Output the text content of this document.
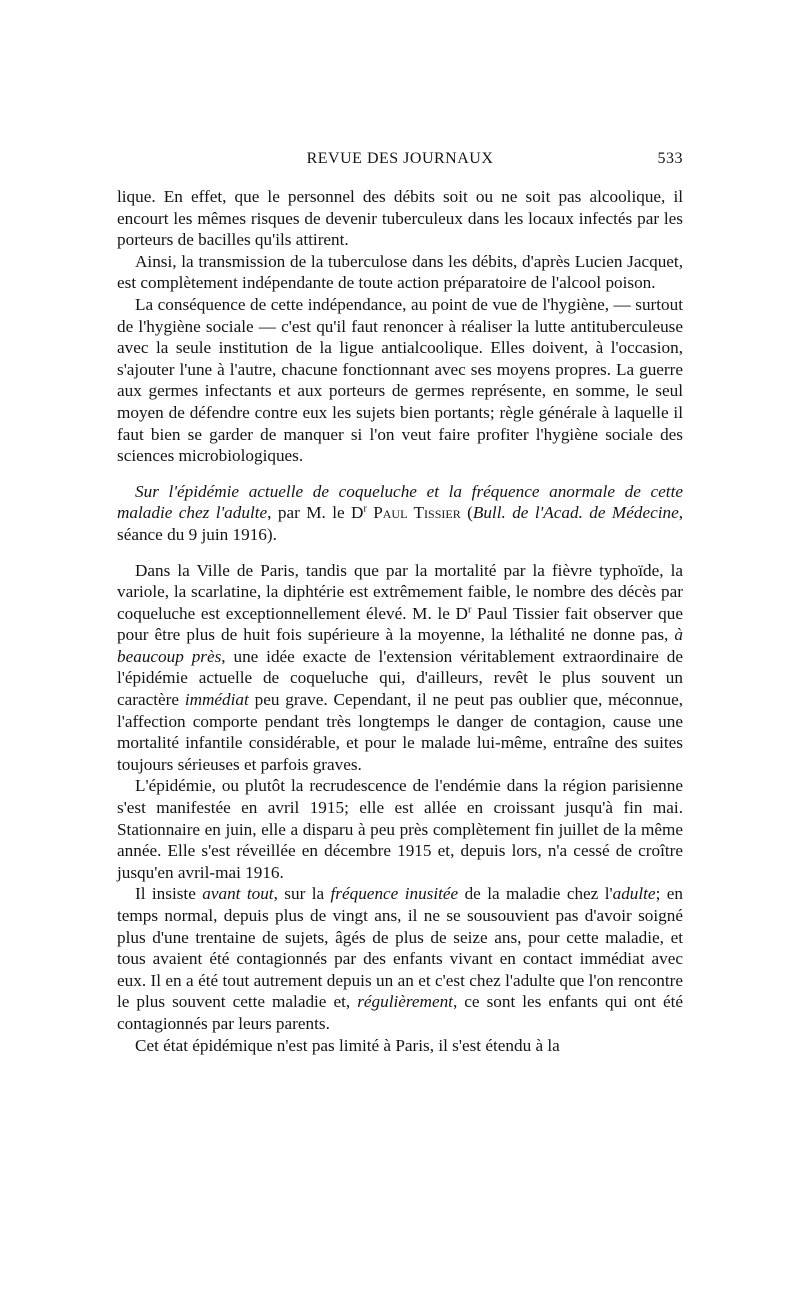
REVUE DES JOURNAUX	533

lique. En effet, que le personnel des débits soit ou ne soit pas alcoolique, il encourt les mêmes risques de devenir tuberculeux dans les locaux infectés par les porteurs de bacilles qu'ils attirent.

Ainsi, la transmission de la tuberculose dans les débits, d'après Lucien Jacquet, est complètement indépendante de toute action préparatoire de l'alcool poison.

La conséquence de cette indépendance, au point de vue de l'hygiène, — surtout de l'hygiène sociale — c'est qu'il faut renoncer à réaliser la lutte antituberculeuse avec la seule institution de la ligue antialcoolique. Elles doivent, à l'occasion, s'ajouter l'une à l'autre, chacune fonctionnant avec ses moyens propres. La guerre aux germes infectants et aux porteurs de germes représente, en somme, le seul moyen de défendre contre eux les sujets bien portants; règle générale à laquelle il faut bien se garder de manquer si l'on veut faire profiter l'hygiène sociale des sciences microbiologiques.

Sur l'épidémie actuelle de coqueluche et la fréquence anormale de cette maladie chez l'adulte, par M. le $D^r$ Paul Tissier (Bull. de l'Acad. de Médecine, séance du 9 juin 1916).

Dans la Ville de Paris, tandis que par la mortalité par la fièvre typhoïde, la variole, la scarlatine, la diphtérie est extrêmement faible, le nombre des décès par coqueluche est exceptionnellement élevé. M. le $D^r$ Paul Tissier fait observer que pour être plus de huit fois supérieure à la moyenne, la léthalité ne donne pas, à beaucoup près, une idée exacte de l'extension véritablement extraordinaire de l'épidémie actuelle de coqueluche qui, d'ailleurs, revêt le plus souvent un caractère immédiat peu grave. Cependant, il ne peut pas oublier que, méconnue, l'affection comporte pendant très longtemps le danger de contagion, cause une mortalité infantile considérable, et pour le malade lui-même, entraîne des suites toujours sérieuses et parfois graves.

L'épidémie, ou plutôt la recrudescence de l'endémie dans la région parisienne s'est manifestée en avril 1915; elle est allée en croissant jusqu'à fin mai. Stationnaire en juin, elle a disparu à peu près complètement fin juillet de la même année. Elle s'est réveillée en décembre 1915 et, depuis lors, n'a cessé de croître jusqu'en avril-mai 1916.

Il insiste avant tout, sur la fréquence inusitée de la maladie chez l'adulte; en temps normal, depuis plus de vingt ans, il ne se sousouvient pas d'avoir soigné plus d'une trentaine de sujets, âgés de plus de seize ans, pour cette maladie, et tous avaient été contagionnés par des enfants vivant en contact immédiat avec eux. Il en a été tout autrement depuis un an et c'est chez l'adulte que l'on rencontre le plus souvent cette maladie et, régulièrement, ce sont les enfants qui ont été contagionnés par leurs parents.

Cet état épidémique n'est pas limité à Paris, il s'est étendu à la
